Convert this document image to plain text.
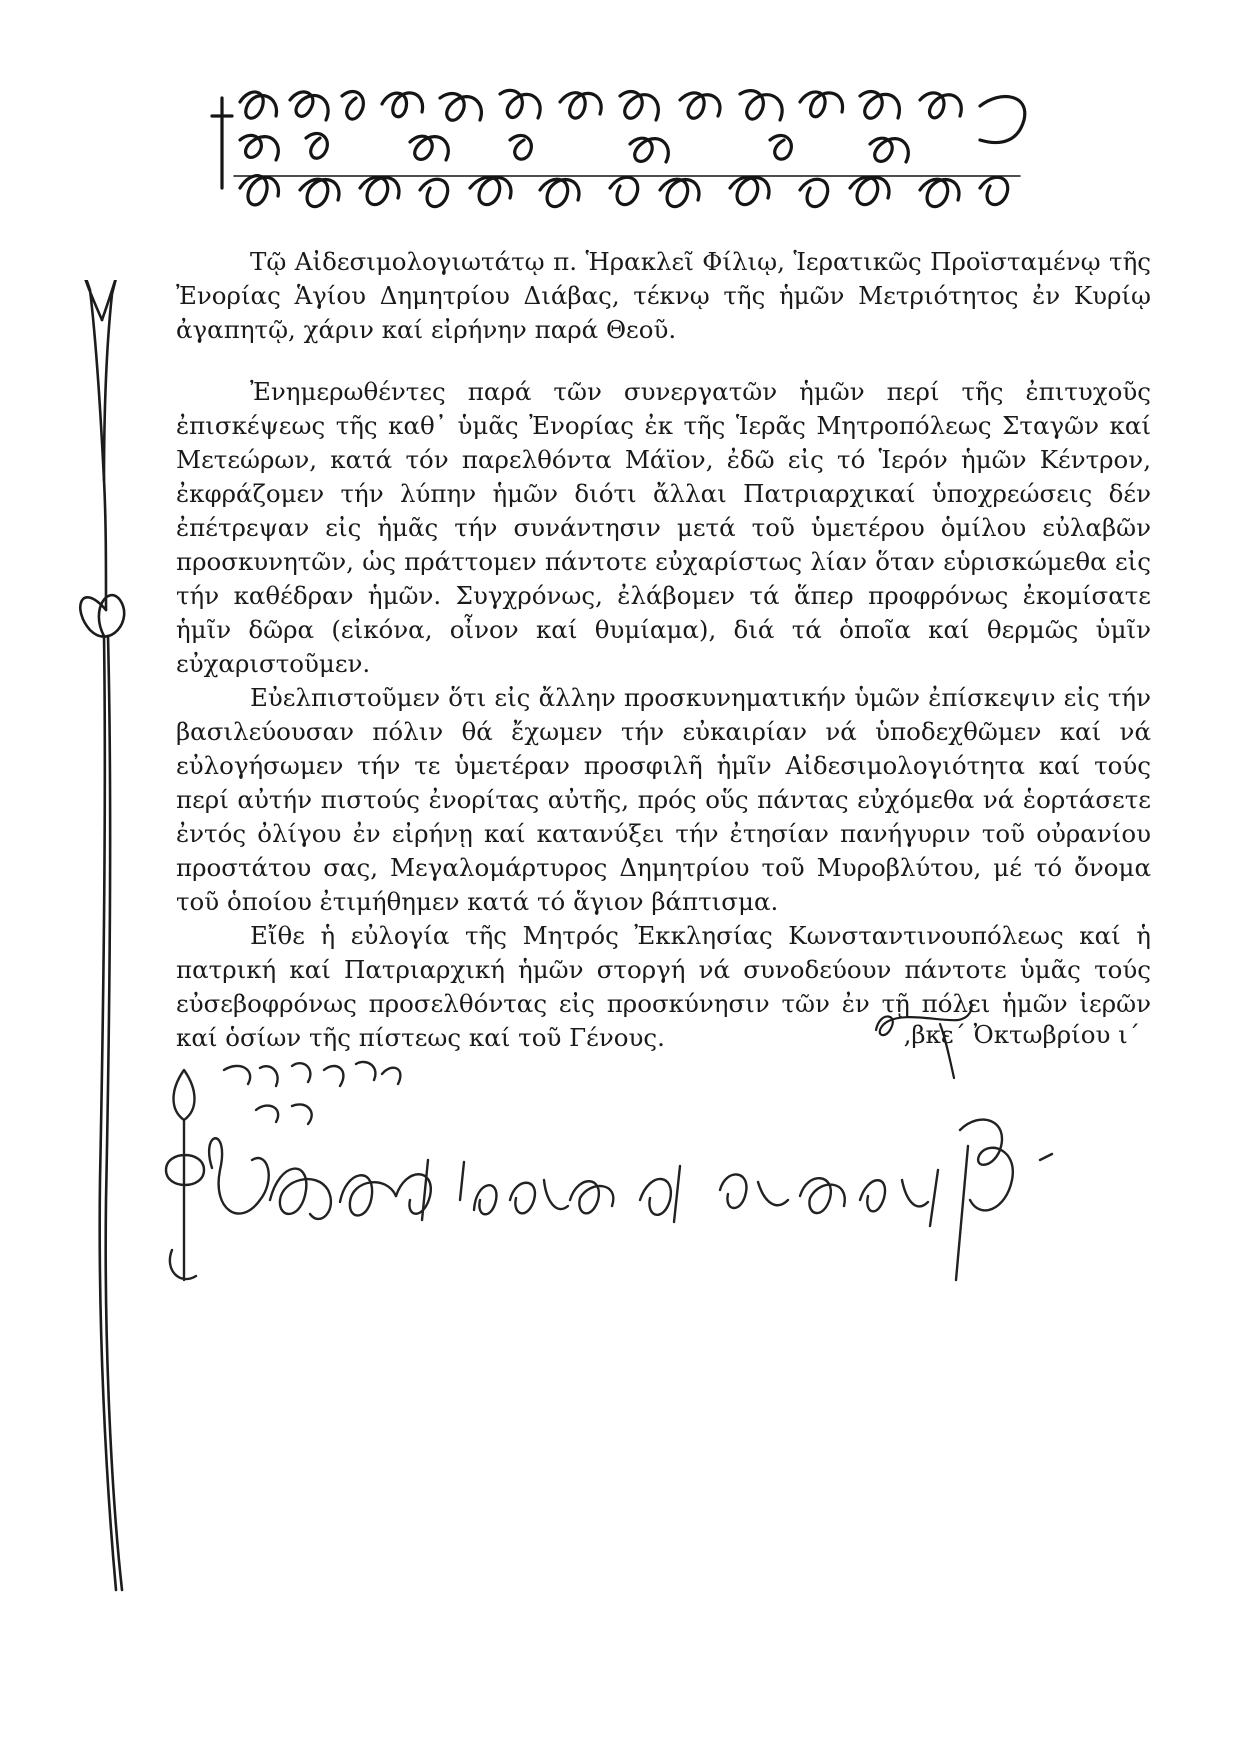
Τῷ Αἰδεσιμολογιωτάτῳ π. Ἡρακλεῖ Φίλιῳ, Ἱερατικῶς Προϊσταμένῳ τῆς Ἐνορίας Ἁγίου Δημητρίου Διάβας, τέκνῳ τῆς ἡμῶν Μετριότητος ἐν Κυρίῳ ἀγαπητῷ, χάριν καί εἰρήνην παρά Θεοῦ.

Ἐνημερωθέντες παρά τῶν συνεργατῶν ἡμῶν περί τῆς ἐπιτυχοῦς ἐπισκέψεως τῆς καθ᾽ ὑμᾶς Ἐνορίας ἐκ τῆς Ἱερᾶς Μητροπόλεως Σταγῶν καί Μετεώρων, κατά τόν παρελθόντα Μάϊον, ἐδῶ εἰς τό Ἱερόν ἡμῶν Κέντρον, ἐκφράζομεν τήν λύπην ἡμῶν διότι ἄλλαι Πατριαρχικαί ὑποχρεώσεις δέν ἐπέτρεψαν εἰς ἡμᾶς τήν συνάντησιν μετά τοῦ ὑμετέρου ὁμίλου εὐλαβῶν προσκυνητῶν, ὡς πράττομεν πάντοτε εὐχαρίστως λίαν ὅταν εὑρισκώμεθα εἰς τήν καθέδραν ἡμῶν. Συγχρόνως, ἐλάβομεν τά ἅπερ προφρόνως ἐκομίσατε ἡμῖν δῶρα (εἰκόνα, οἶνον καί θυμίαμα), διά τά ὁποῖα καί θερμῶς ὑμῖν εὐχαριστοῦμεν.

Εὐελπιστοῦμεν ὅτι εἰς ἄλλην προσκυνηματικήν ὑμῶν ἐπίσκεψιν εἰς τήν βασιλεύουσαν πόλιν θά ἔχωμεν τήν εὐκαιρίαν νά ὑποδεχθῶμεν καί νά εὐλογήσωμεν τήν τε ὑμετέραν προσφιλῆ ἡμῖν Αἰδεσιμολογιότητα καί τούς περί αὐτήν πιστούς ἐνορίτας αὐτῆς, πρός οὕς πάντας εὐχόμεθα νά ἑορτάσετε ἐντός ὀλίγου ἐν εἰρήνῃ καί κατανύξει τήν ἐτησίαν πανήγυριν τοῦ οὐρανίου προστάτου σας, Μεγαλομάρτυρος Δημητρίου τοῦ Μυροβλύτου, μέ τό ὄνομα τοῦ ὁποίου ἐτιμήθημεν κατά τό ἅγιον βάπτισμα.

Εἴθε ἡ εὐλογία τῆς Μητρός Ἐκκλησίας Κωνσταντινουπόλεως καί ἡ πατρική καί Πατριαρχική ἡμῶν στοργή νά συνοδεύουν πάντοτε ὑμᾶς τούς εὐσεβοφρόνως προσελθόντας εἰς προσκύνησιν τῶν ἐν τῇ πόλει ἡμῶν ἱερῶν καί ὁσίων τῆς πίστεως καί τοῦ Γένους.	,βκε΄ Ὀκτωβρίου ι΄
